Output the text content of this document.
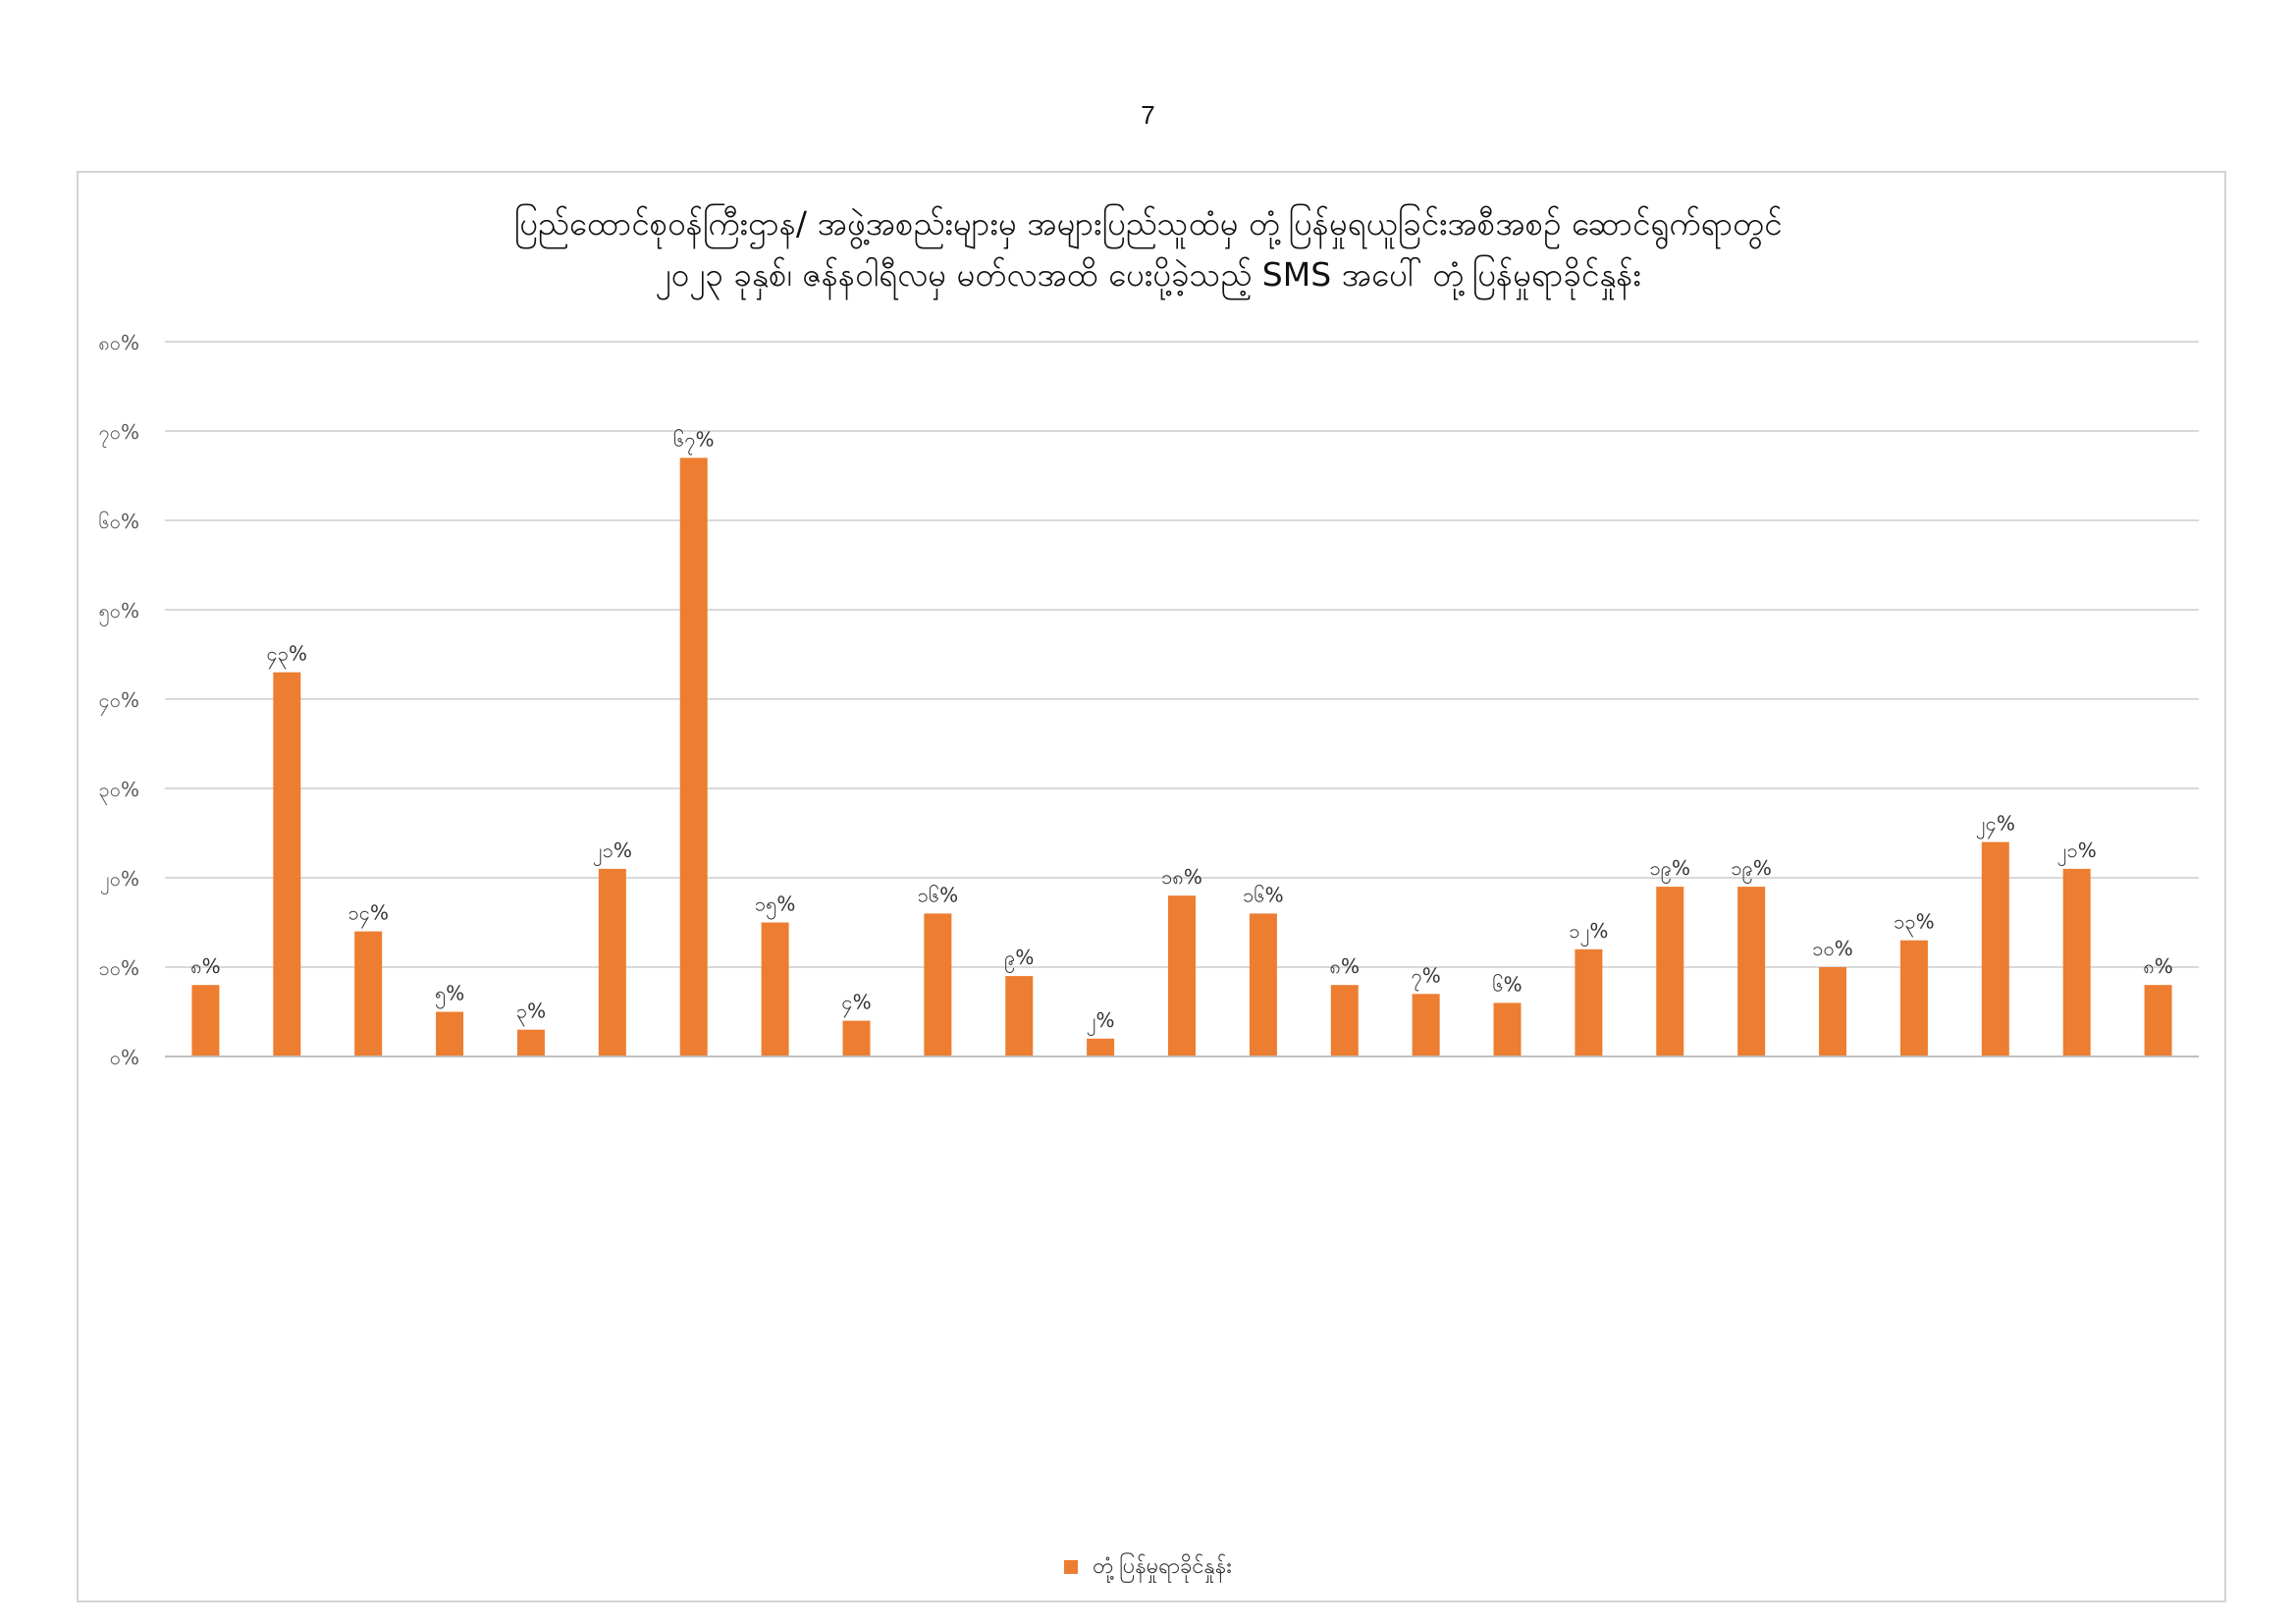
7
ပြည်ထောင်စုဝန်ကြီးဌာန/ အဖွဲ့အစည်းများမှ အများပြည်သူထံမှ တုံ့ပြန်မှုရယူခြင်းအစီအစဉ် ဆောင်ရွက်ရာတွင်
၂၀၂၃ ခုနှစ်၊ ဇန်နဝါရီလမှ မတ်လအထိ ပေးပို့ခဲ့သည့် SMS အပေါ် တုံ့ပြန်မှုရာခိုင်နှုန်း
၀%
၁၀%
၂၀%
၃၀%
၄၀%
၅၀%
၆၀%
၇၀%
၈၀%
၈%
၄၃%
၁၄%
၅%
၃%
၂၁%
၆၇%
၁၅%
၄%
၁၆%
၉%
၂%
၁၈%
၁၆%
၈%	၇%	၆%
၁၂%
၁၉% ၁၉%
၁၀%
၁၃%
၂၄%
၂၁%
၈%
တုံ့ပြန်မှုရာခိုင်နှုန်း
